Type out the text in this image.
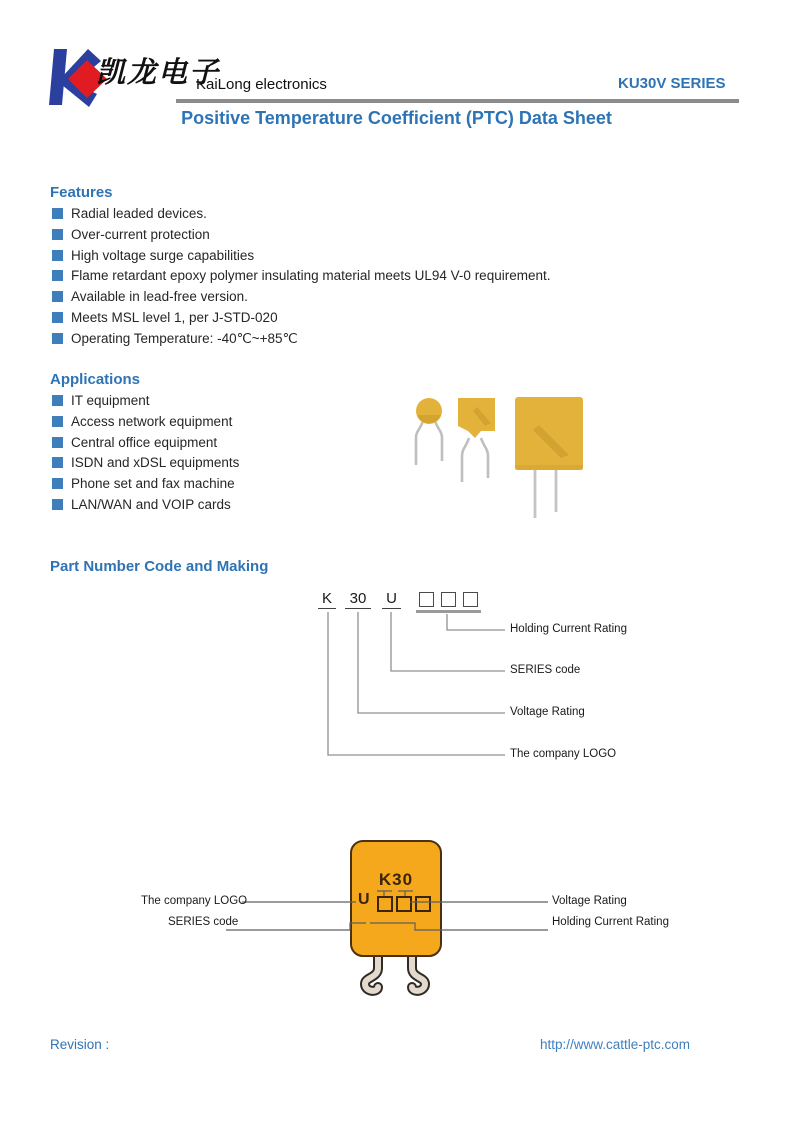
凯龙电子
KaiLong electronics	KU30V SERIES
Positive Temperature Coefficient (PTC) Data Sheet
Features
Radial leaded devices.
Over-current protection
High voltage surge capabilities
Flame retardant epoxy polymer insulating material meets UL94 V-0 requirement.
Available in lead-free version.
Meets MSL level 1, per J-STD-020
Operating Temperature: -40℃~+85℃
Applications
IT equipment
Access network equipment
Central office equipment
ISDN and xDSL equipments
Phone set and fax machine
LAN/WAN and VOIP cards
Part Number Code and Making
K	30	U
Holding Current Rating
SERIES code
Voltage Rating
The company LOGO
K30
U
The company LOGO
SERIES code
Voltage Rating
Holding Current Rating
Revision :	http://www.cattle-ptc.com
